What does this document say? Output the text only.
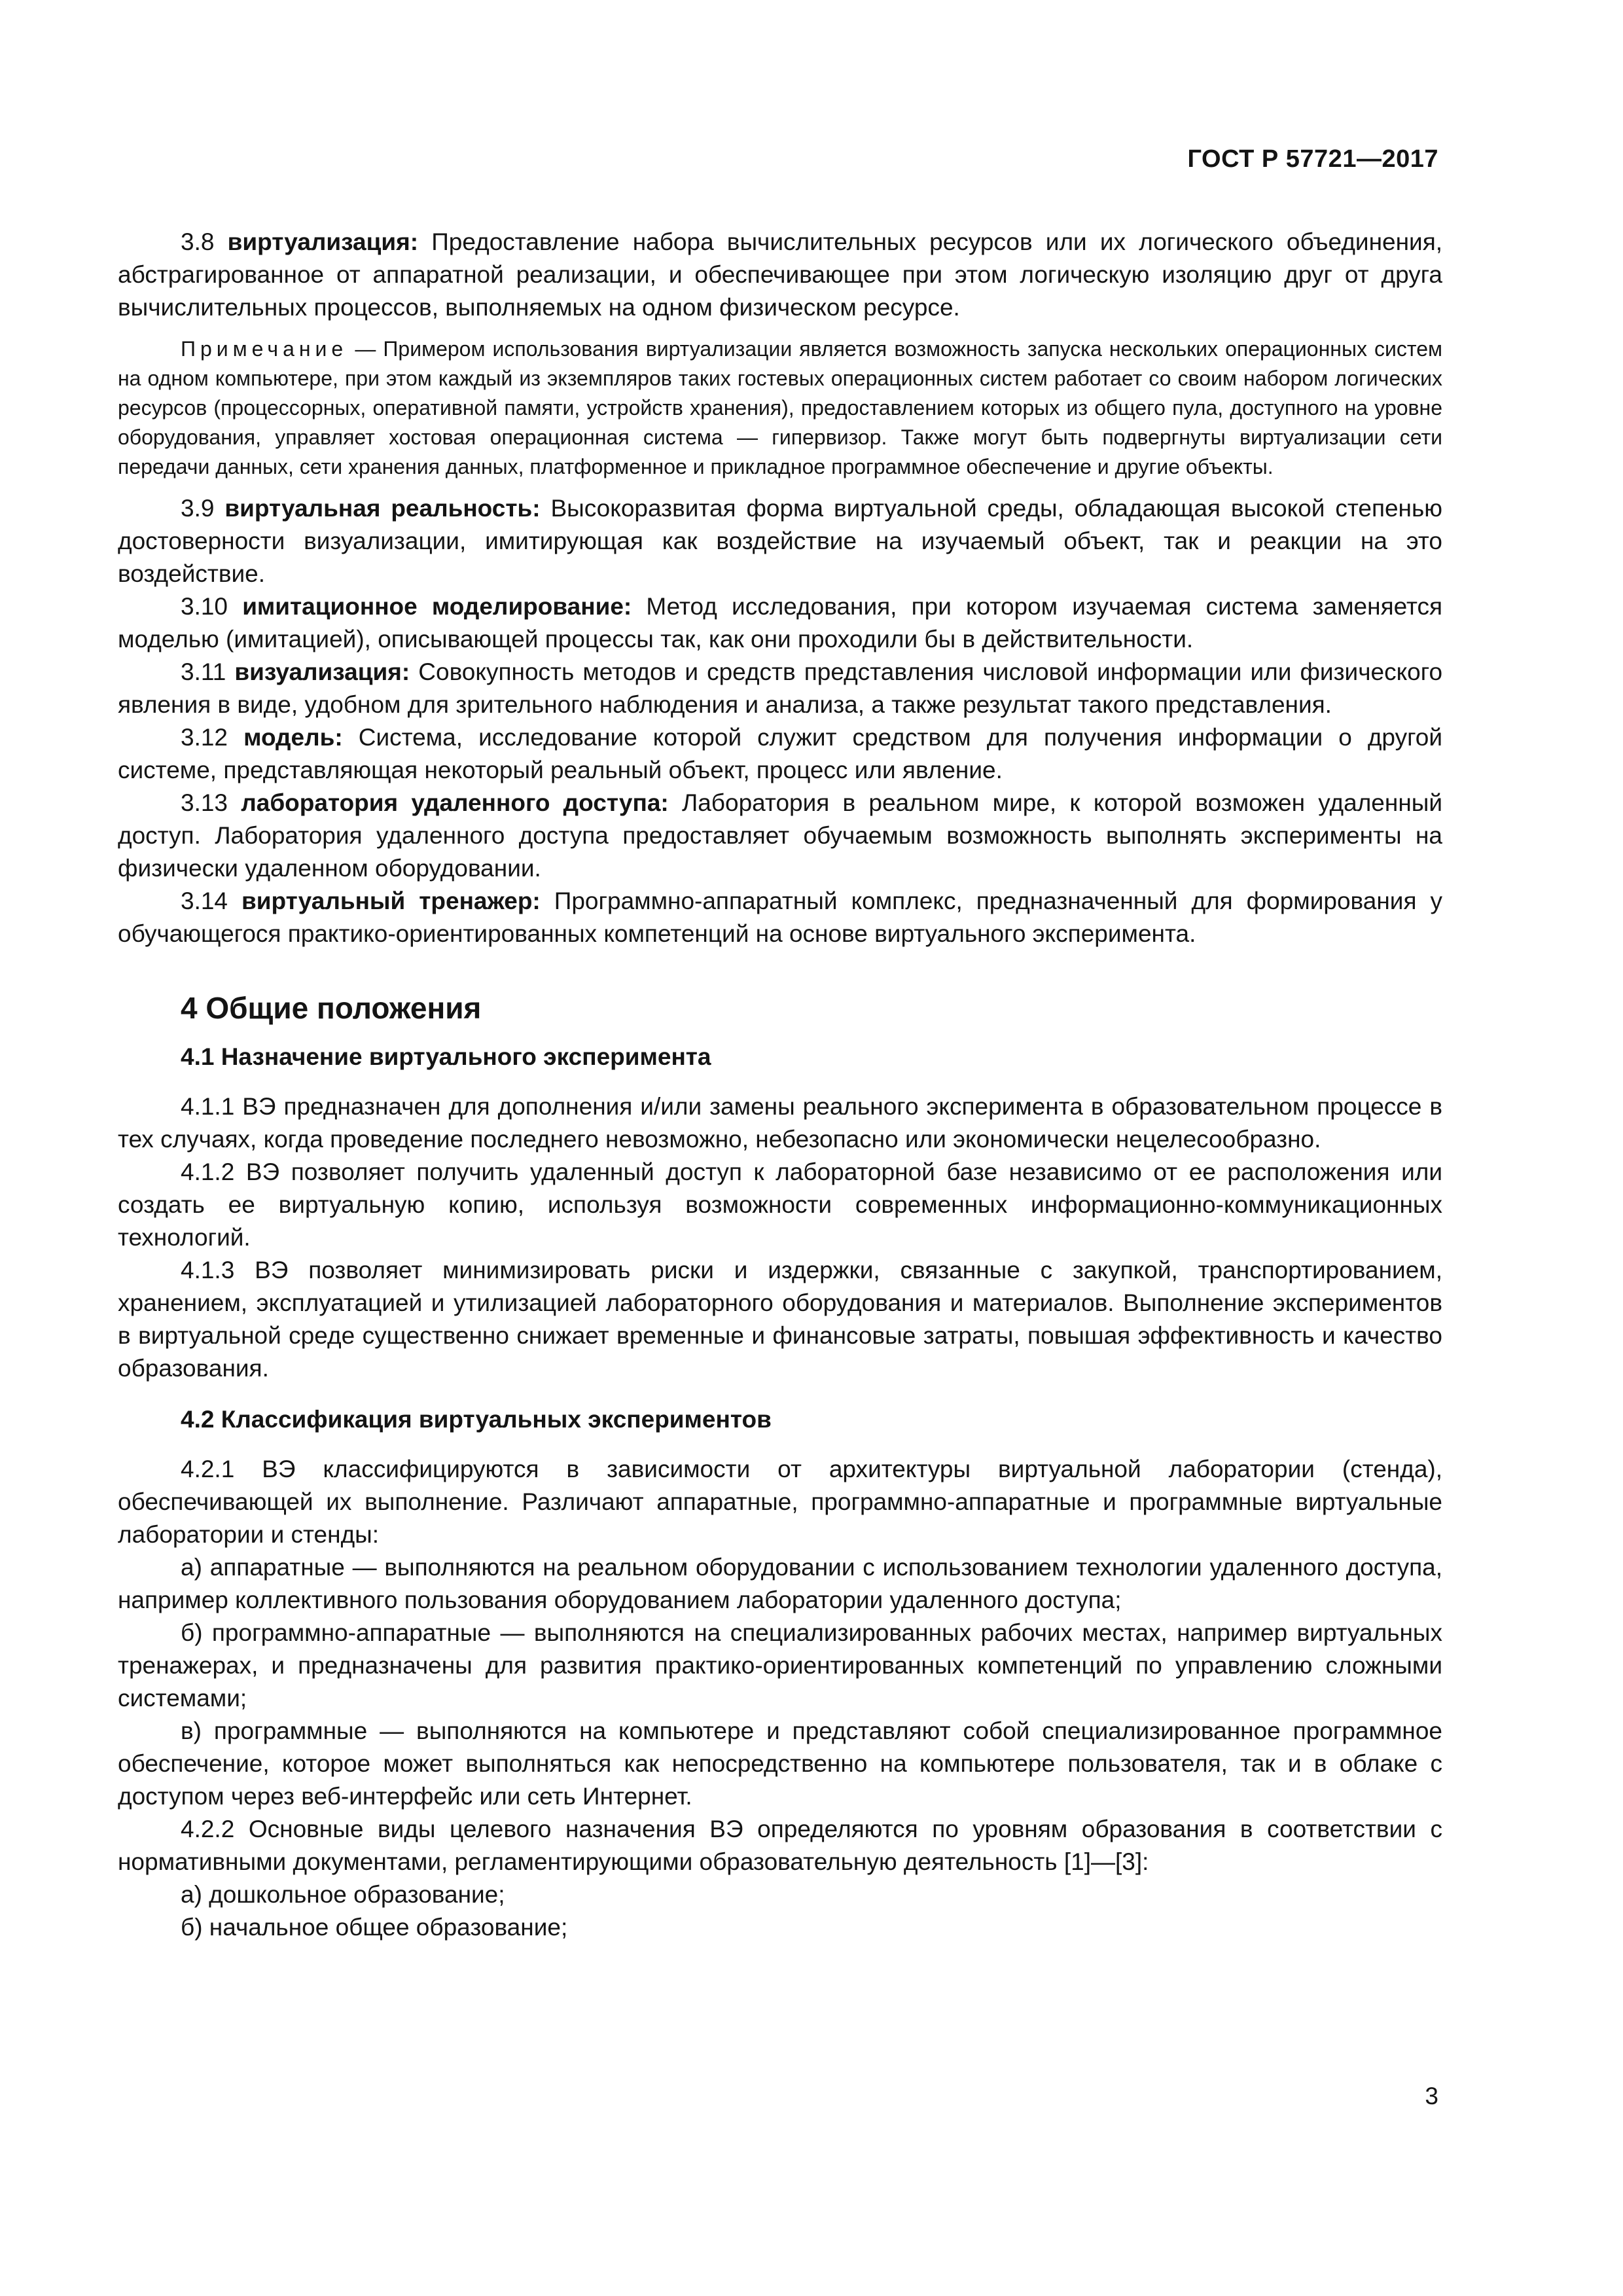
ГОСТ Р 57721—2017

3.8 виртуализация: Предоставление набора вычислительных ресурсов или их логического объединения, абстрагированное от аппаратной реализации, и обеспечивающее при этом логическую изоляцию друг от друга вычислительных процессов, выполняемых на одном физическом ресурсе.

Примечание — Примером использования виртуализации является возможность запуска нескольких операционных систем на одном компьютере, при этом каждый из экземпляров таких гостевых операционных систем работает со своим набором логических ресурсов (процессорных, оперативной памяти, устройств хранения), предоставлением которых из общего пула, доступного на уровне оборудования, управляет хостовая операционная система — гипервизор. Также могут быть подвергнуты виртуализации сети передачи данных, сети хранения данных, платформенное и прикладное программное обеспечение и другие объекты.

3.9 виртуальная реальность: Высокоразвитая форма виртуальной среды, обладающая высокой степенью достоверности визуализации, имитирующая как воздействие на изучаемый объект, так и реакции на это воздействие.

3.10 имитационное моделирование: Метод исследования, при котором изучаемая система заменяется моделью (имитацией), описывающей процессы так, как они проходили бы в действительности.

3.11 визуализация: Совокупность методов и средств представления числовой информации или физического явления в виде, удобном для зрительного наблюдения и анализа, а также результат такого представления.

3.12 модель: Система, исследование которой служит средством для получения информации о другой системе, представляющая некоторый реальный объект, процесс или явление.

3.13 лаборатория удаленного доступа: Лаборатория в реальном мире, к которой возможен удаленный доступ. Лаборатория удаленного доступа предоставляет обучаемым возможность выполнять эксперименты на физически удаленном оборудовании.

3.14 виртуальный тренажер: Программно-аппаратный комплекс, предназначенный для формирования у обучающегося практико-ориентированных компетенций на основе виртуального эксперимента.

4 Общие положения
4.1 Назначение виртуального эксперимента

4.1.1 ВЭ предназначен для дополнения и/или замены реального эксперимента в образовательном процессе в тех случаях, когда проведение последнего невозможно, небезопасно или экономически нецелесообразно.

4.1.2 ВЭ позволяет получить удаленный доступ к лабораторной базе независимо от ее расположения или создать ее виртуальную копию, используя возможности современных информационно-коммуникационных технологий.

4.1.3 ВЭ позволяет минимизировать риски и издержки, связанные с закупкой, транспортированием, хранением, эксплуатацией и утилизацией лабораторного оборудования и материалов. Выполнение экспериментов в виртуальной среде существенно снижает временные и финансовые затраты, повышая эффективность и качество образования.

4.2 Классификация виртуальных экспериментов

4.2.1 ВЭ классифицируются в зависимости от архитектуры виртуальной лаборатории (стенда), обеспечивающей их выполнение. Различают аппаратные, программно-аппаратные и программные виртуальные лаборатории и стенды:

а) аппаратные — выполняются на реальном оборудовании с использованием технологии удаленного доступа, например коллективного пользования оборудованием лаборатории удаленного доступа;

б) программно-аппаратные — выполняются на специализированных рабочих местах, например виртуальных тренажерах, и предназначены для развития практико-ориентированных компетенций по управлению сложными системами;

в) программные — выполняются на компьютере и представляют собой специализированное программное обеспечение, которое может выполняться как непосредственно на компьютере пользователя, так и в облаке с доступом через веб-интерфейс или сеть Интернет.

4.2.2 Основные виды целевого назначения ВЭ определяются по уровням образования в соответствии с нормативными документами, регламентирующими образовательную деятельность [1]—[3]:

а) дошкольное образование;

б) начальное общее образование;

3
